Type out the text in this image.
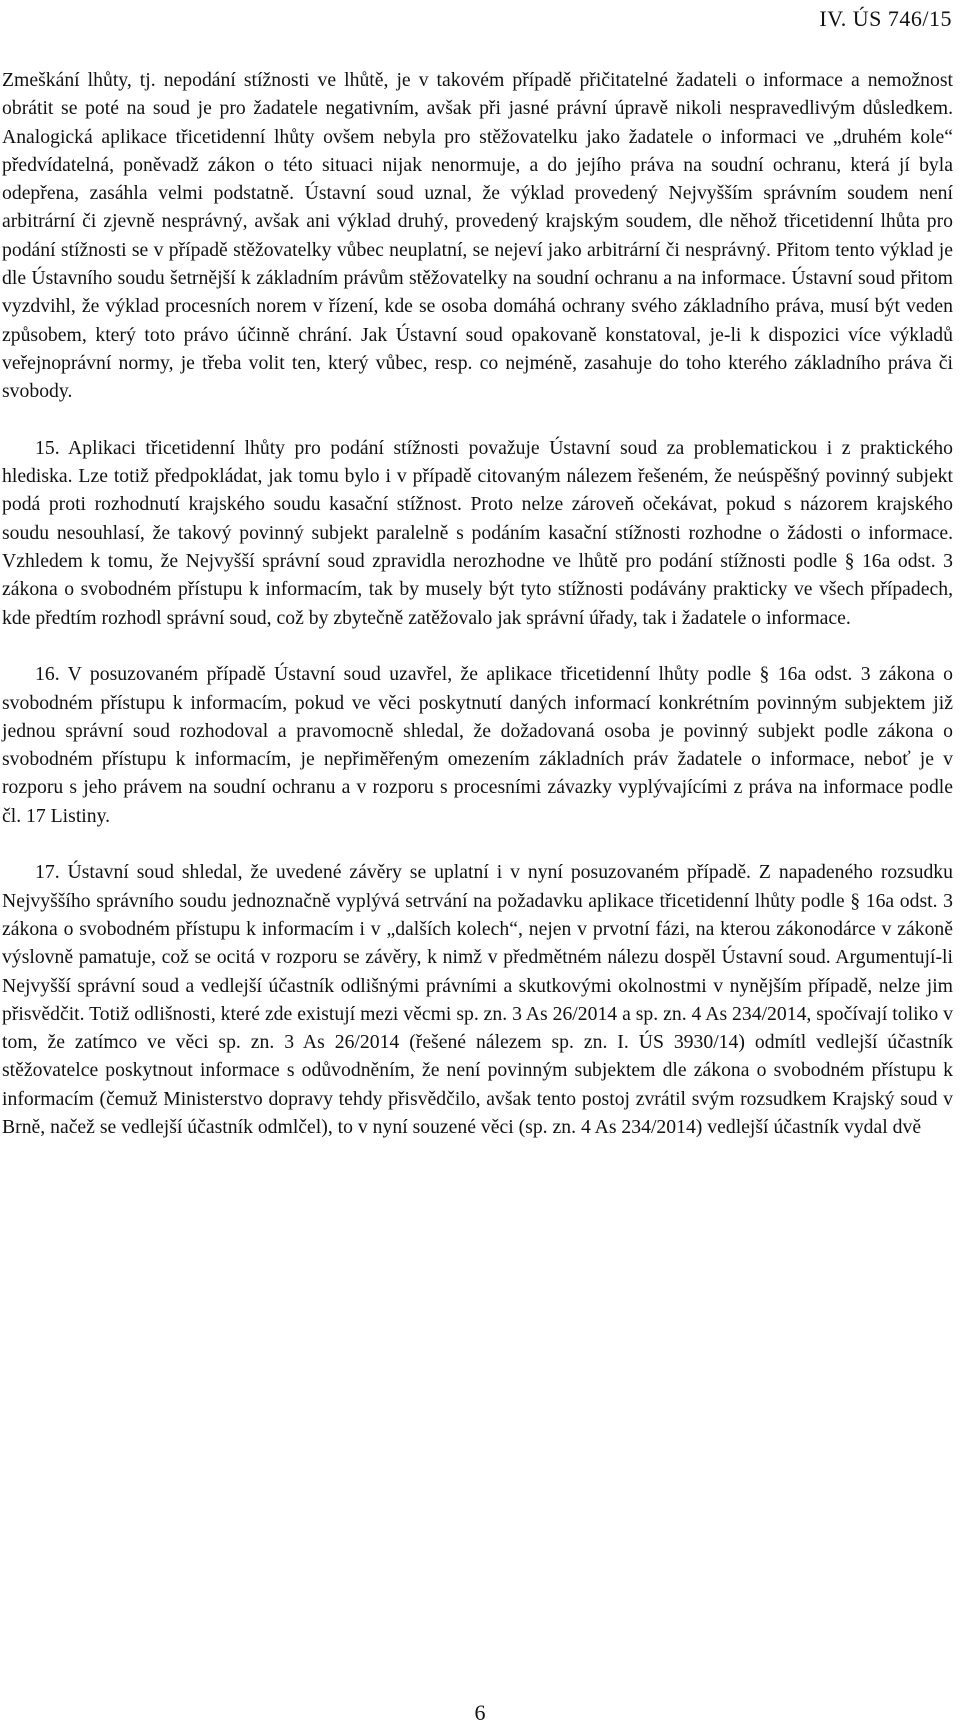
IV. ÚS 746/15

Zmeškání lhůty, tj. nepodání stížnosti ve lhůtě, je v takovém případě přičitatelné žadateli o informace a nemožnost obrátit se poté na soud je pro žadatele negativním, avšak při jasné právní úpravě nikoli nespravedlivým důsledkem. Analogická aplikace třicetidenní lhůty ovšem nebyla pro stěžovatelku jako žadatele o informaci ve „druhém kole“ předvídatelná, poněvadž zákon o této situaci nijak nenormuje, a do jejího práva na soudní ochranu, která jí byla odepřena, zasáhla velmi podstatně. Ústavní soud uznal, že výklad provedený Nejvyšším správním soudem není arbitrární či zjevně nesprávný, avšak ani výklad druhý, provedený krajským soudem, dle něhož třicetidenní lhůta pro podání stížnosti se v případě stěžovatelky vůbec neuplatní, se nejeví jako arbitrární či nesprávný. Přitom tento výklad je dle Ústavního soudu šetrnější k základním právům stěžovatelky na soudní ochranu a na informace. Ústavní soud přitom vyzdvihl, že výklad procesních norem v řízení, kde se osoba domáhá ochrany svého základního práva, musí být veden způsobem, který toto právo účinně chrání. Jak Ústavní soud opakovaně konstatoval, je-li k dispozici více výkladů veřejnoprávní normy, je třeba volit ten, který vůbec, resp. co nejméně, zasahuje do toho kterého základního práva či svobody.

15. Aplikaci třicetidenní lhůty pro podání stížnosti považuje Ústavní soud za problematickou i z praktického hlediska. Lze totiž předpokládat, jak tomu bylo i v případě citovaným nálezem řešeném, že neúspěšný povinný subjekt podá proti rozhodnutí krajského soudu kasační stížnost. Proto nelze zároveň očekávat, pokud s názorem krajského soudu nesouhlasí, že takový povinný subjekt paralelně s podáním kasační stížnosti rozhodne o žádosti o informace. Vzhledem k tomu, že Nejvyšší správní soud zpravidla nerozhodne ve lhůtě pro podání stížnosti podle § 16a odst. 3 zákona o svobodném přístupu k informacím, tak by musely být tyto stížnosti podávány prakticky ve všech případech, kde předtím rozhodl správní soud, což by zbytečně zatěžovalo jak správní úřady, tak i žadatele o informace.

16. V posuzovaném případě Ústavní soud uzavřel, že aplikace třicetidenní lhůty podle § 16a odst. 3 zákona o svobodném přístupu k informacím, pokud ve věci poskytnutí daných informací konkrétním povinným subjektem již jednou správní soud rozhodoval a pravomocně shledal, že dožadovaná osoba je povinný subjekt podle zákona o svobodném přístupu k informacím, je nepřiměřeným omezením základních práv žadatele o informace, neboť je v rozporu s jeho právem na soudní ochranu a v rozporu s procesními závazky vyplývajícími z práva na informace podle čl. 17 Listiny.

17. Ústavní soud shledal, že uvedené závěry se uplatní i v nyní posuzovaném případě. Z napadeného rozsudku Nejvyššího správního soudu jednoznačně vyplývá setrvání na požadavku aplikace třicetidenní lhůty podle § 16a odst. 3 zákona o svobodném přístupu k informacím i v „dalších kolech“, nejen v prvotní fázi, na kterou zákonodárce v zákoně výslovně pamatuje, což se ocitá v rozporu se závěry, k nimž v předmětném nálezu dospěl Ústavní soud. Argumentují-li Nejvyšší správní soud a vedlejší účastník odlišnými právními a skutkovými okolnostmi v nynějším případě, nelze jim přisvědčit. Totiž odlišnosti, které zde existují mezi věcmi sp. zn. 3 As 26/2014 a sp. zn. 4 As 234/2014, spočívají toliko v tom, že zatímco ve věci sp. zn. 3 As 26/2014 (řešené nálezem sp. zn. I. ÚS 3930/14) odmítl vedlejší účastník stěžovatelce poskytnout informace s odůvodněním, že není povinným subjektem dle zákona o svobodném přístupu k informacím (čemuž Ministerstvo dopravy tehdy přisvědčilo, avšak tento postoj zvrátil svým rozsudkem Krajský soud v Brně, načež se vedlejší účastník odmlčel), to v nyní souzené věci (sp. zn. 4 As 234/2014) vedlejší účastník vydal dvě

6
